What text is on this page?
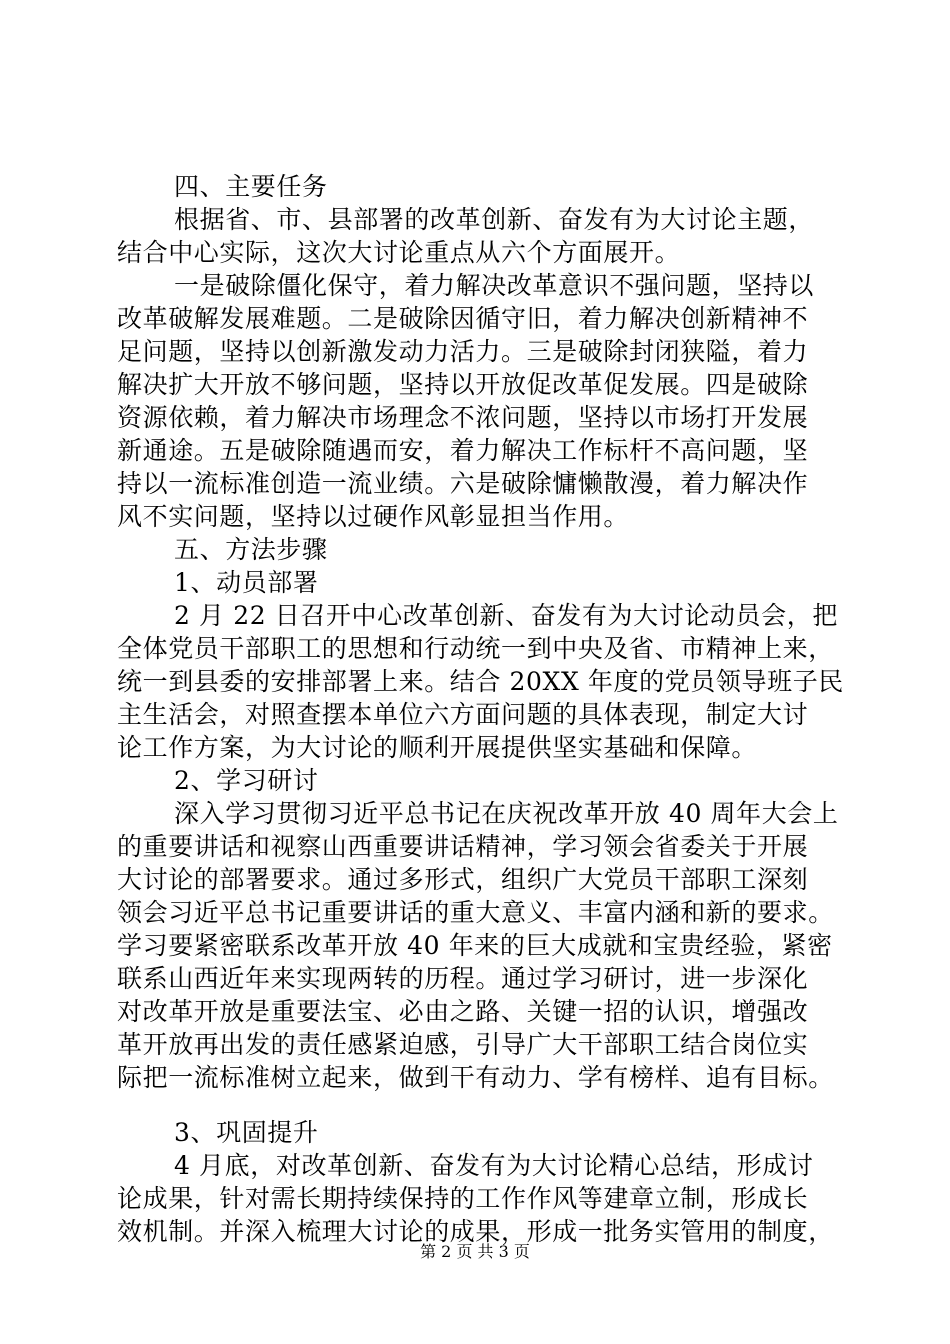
四、主要任务
根据省、市、县部署的改革创新、奋发有为大讨论主题，
结合中心实际，这次大讨论重点从六个方面展开。
一是破除僵化保守，着力解决改革意识不强问题，坚持以
改革破解发展难题。二是破除因循守旧，着力解决创新精神不
足问题，坚持以创新激发动力活力。三是破除封闭狭隘，着力
解决扩大开放不够问题，坚持以开放促改革促发展。四是破除
资源依赖，着力解决市场理念不浓问题，坚持以市场打开发展
新通途。五是破除随遇而安，着力解决工作标杆不高问题，坚
持以一流标准创造一流业绩。六是破除慵懒散漫，着力解决作
风不实问题，坚持以过硬作风彰显担当作用。
五、方法步骤
1、动员部署
2 月 22 日召开中心改革创新、奋发有为大讨论动员会，把
全体党员干部职工的思想和行动统一到中央及省、市精神上来，
统一到县委的安排部署上来。结合 20XX 年度的党员领导班子民
主生活会，对照查摆本单位六方面问题的具体表现，制定大讨
论工作方案，为大讨论的顺利开展提供坚实基础和保障。
2、学习研讨
深入学习贯彻习近平总书记在庆祝改革开放 40 周年大会上
的重要讲话和视察山西重要讲话精神，学习领会省委关于开展
大讨论的部署要求。通过多形式，组织广大党员干部职工深刻
领会习近平总书记重要讲话的重大意义、丰富内涵和新的要求。
学习要紧密联系改革开放 40 年来的巨大成就和宝贵经验，紧密
联系山西近年来实现两转的历程。通过学习研讨，进一步深化
对改革开放是重要法宝、必由之路、关键一招的认识，增强改
革开放再出发的责任感紧迫感，引导广大干部职工结合岗位实
际把一流标准树立起来，做到干有动力、学有榜样、追有目标。
3、巩固提升
4 月底，对改革创新、奋发有为大讨论精心总结，形成讨
论成果，针对需长期持续保持的工作作风等建章立制，形成长
效机制。并深入梳理大讨论的成果，形成一批务实管用的制度，
第 2 页 共 3 页
